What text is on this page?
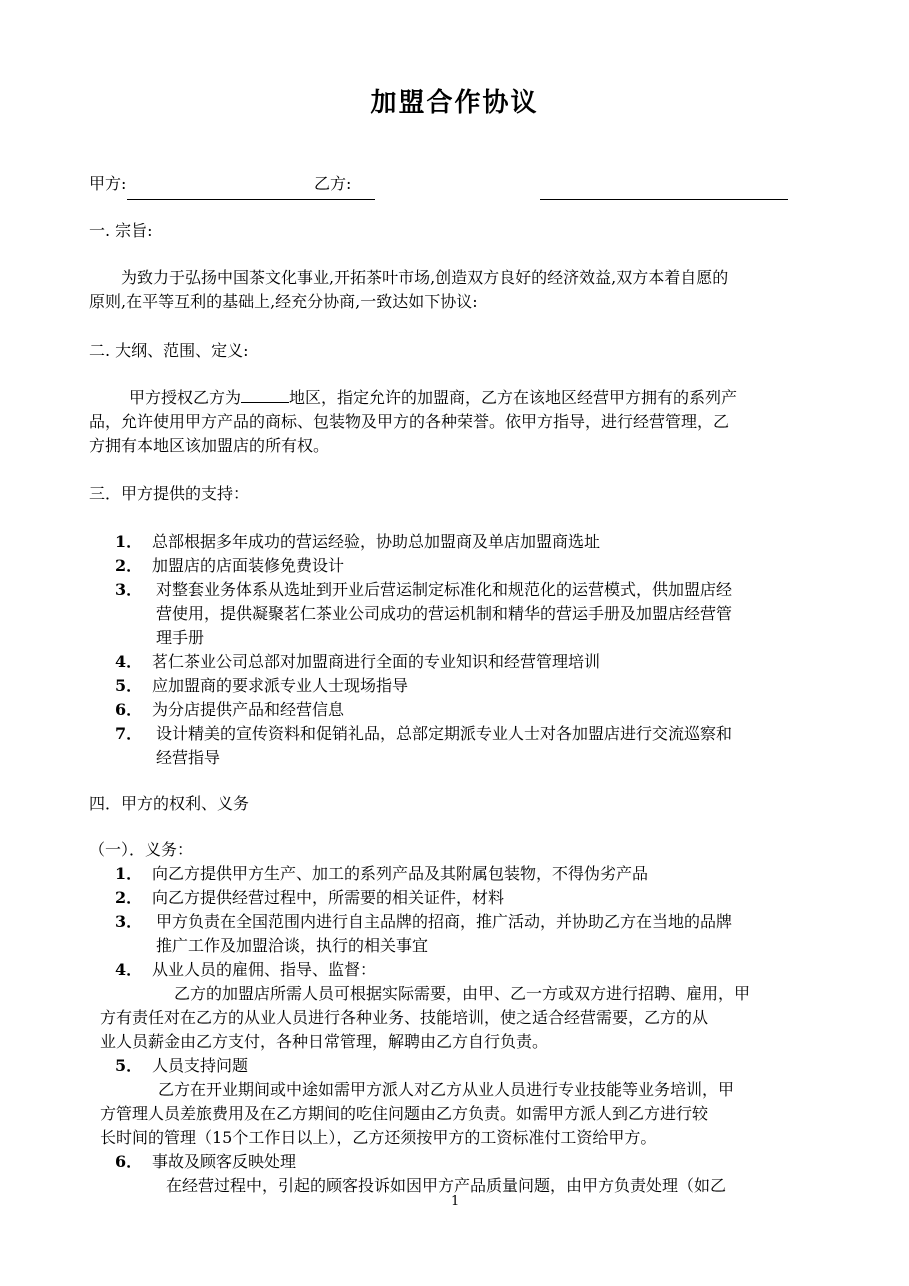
加盟合作协议
甲方:	乙方:
一. 宗旨:
为致力于弘扬中国茶文化事业,开拓茶叶市场,创造双方良好的经济效益,双方本着自愿的
原则,在平等互利的基础上,经充分协商,一致达如下协议:
二. 大纲、范围、定义:
甲方授权乙方为	地区，指定允许的加盟商，乙方在该地区经营甲方拥有的系列产
品，允许使用甲方产品的商标、包装物及甲方的各种荣誉。依甲方指导，进行经营管理，乙
方拥有本地区该加盟店的所有权。
三．甲方提供的支持：
1． 总部根据多年成功的营运经验，协助总加盟商及单店加盟商选址
2． 加盟店的店面装修免费设计
3． 对整套业务体系从选址到开业后营运制定标准化和规范化的运营模式，供加盟店经
营使用，提供凝聚茗仁茶业公司成功的营运机制和精华的营运手册及加盟店经营管
理手册
4． 茗仁茶业公司总部对加盟商进行全面的专业知识和经营管理培训
5． 应加盟商的要求派专业人士现场指导
6． 为分店提供产品和经营信息
7． 设计精美的宣传资料和促销礼品，总部定期派专业人士对各加盟店进行交流巡察和
经营指导
四．甲方的权利、义务
（一）．义务：
1． 向乙方提供甲方生产、加工的系列产品及其附属包装物，不得伪劣产品
2． 向乙方提供经营过程中，所需要的相关证件，材料
3． 甲方负责在全国范围内进行自主品牌的招商，推广活动，并协助乙方在当地的品牌
推广工作及加盟洽谈，执行的相关事宜
4． 从业人员的雇佣、指导、监督：
乙方的加盟店所需人员可根据实际需要，由甲、乙一方或双方进行招聘、雇用，甲
方有责任对在乙方的从业人员进行各种业务、技能培训，使之适合经营需要，乙方的从
业人员薪金由乙方支付，各种日常管理，解聘由乙方自行负责。
5． 人员支持问题
乙方在开业期间或中途如需甲方派人对乙方从业人员进行专业技能等业务培训，甲
方管理人员差旅费用及在乙方期间的吃住问题由乙方负责。如需甲方派人到乙方进行较
长时间的管理（15个工作日以上），乙方还须按甲方的工资标准付工资给甲方。
6． 事故及顾客反映处理
在经营过程中，引起的顾客投诉如因甲方产品质量问题，由甲方负责处理（如乙
1
